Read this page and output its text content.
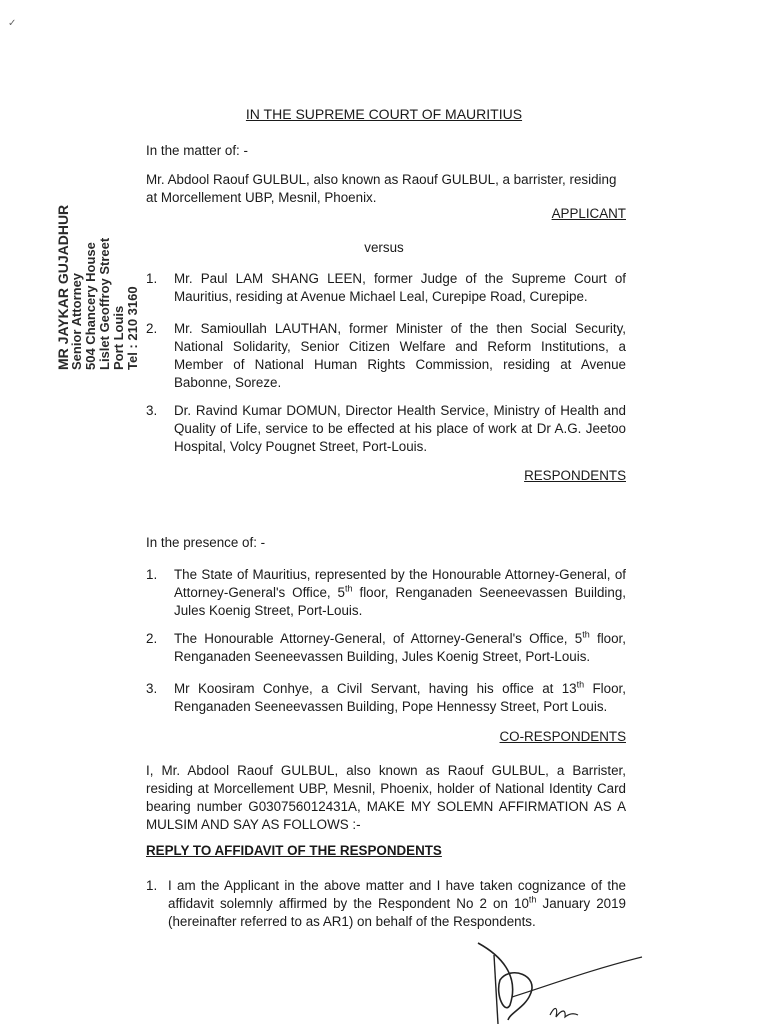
IN THE SUPREME COURT OF MAURITIUS
In the matter of: -
Mr. Abdool Raouf GULBUL, also known as Raouf GULBUL, a barrister, residing
at Morcellement UBP, Mesnil, Phoenix.
APPLICANT
versus
1. Mr. Paul LAM SHANG LEEN, former Judge of the Supreme Court of Mauritius, residing at Avenue Michael Leal, Curepipe Road, Curepipe.
2. Mr. Samioullah LAUTHAN, former Minister of the then Social Security, National Solidarity, Senior Citizen Welfare and Reform Institutions, a Member of National Human Rights Commission, residing at Avenue Babonne, Soreze.
3. Dr. Ravind Kumar DOMUN, Director Health Service, Ministry of Health and Quality of Life, service to be effected at his place of work at Dr A.G. Jeetoo Hospital, Volcy Pougnet Street, Port-Louis.
RESPONDENTS
In the presence of: -
1. The State of Mauritius, represented by the Honourable Attorney-General, of Attorney-General's Office, 5th floor, Renganaden Seeneevassen Building, Jules Koenig Street, Port-Louis.
2. The Honourable Attorney-General, of Attorney-General's Office, 5th floor, Renganaden Seeneevassen Building, Jules Koenig Street, Port-Louis.
3. Mr Koosiram Conhye, a Civil Servant, having his office at 13th Floor, Renganaden Seeneevassen Building, Pope Hennessy Street, Port Louis.
CO-RESPONDENTS
I, Mr. Abdool Raouf GULBUL, also known as Raouf GULBUL, a Barrister, residing at Morcellement UBP, Mesnil, Phoenix, holder of National Identity Card bearing number G030756012431A, MAKE MY SOLEMN AFFIRMATION AS A MULSIM AND SAY AS FOLLOWS :-
REPLY TO AFFIDAVIT OF THE RESPONDENTS
1. I am the Applicant in the above matter and I have taken cognizance of the affidavit solemnly affirmed by the Respondent No 2 on 10th January 2019 (hereinafter referred to as AR1) on behalf of the Respondents.
MR JAYKAR GUJADHUR
Senior Attorney 504 Chancery House Lislet Geoffroy Street Port Louis Tel : 210 3160
✓
